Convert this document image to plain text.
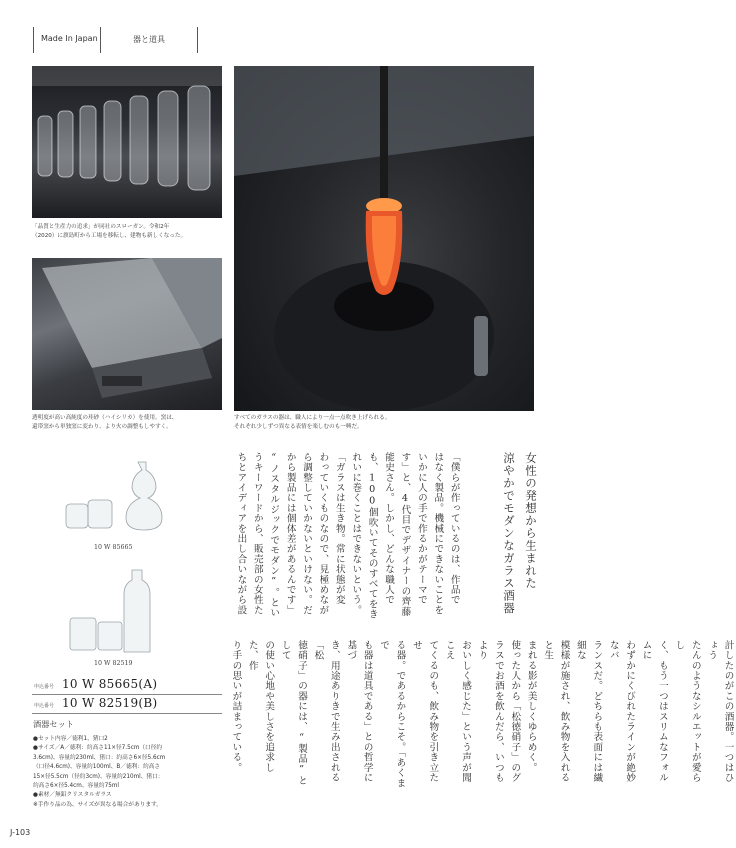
Made In Japan	器と道具
「品質と生産力の追求」が同社のスローガン。令和2年
（2020）に旗島町から工場を移転し、建物も新しくなった。
透明度が高い高純度の珪砂（ハイシリカ）を使用。窯は、
還帯窯から単独窯に変わり、より火の調整もしやすく。
すべてのガラスの器は、職人により一点一点吹き上げられる。
それぞれ少しずつ異なる表情を楽しむのも一興だ。
女性の発想から生まれた
涼やかでモダンなガラス酒器
「僕らが作っているのは、作品で
はなく製品。機械にできないことを
いかに人の手で作るかがテーマで
す」と、4代目でデザイナーの齊藤
能史さん。しかし、どんな職人で
も、100個吹いてそのすべてをき
れいに巻くことはできないという。
「ガラスは生き物。常に状態が変
わっていくものなので、見極めなが
ら調整していかないといけない。だ
から製品には個体差があるんです」
“ノスタルジックでモダン”。とい
うキーワードから、販売部の女性た
ちとアイディアを出し合いながら設
計したのがこの酒器。一つはひょう
たんのようなシルエットが愛らし
く、もう一つはスリムなフォルムに
わずかにくびれたラインが絶妙なバ
ランスだ。どちらも表面には繊細な
模様が施され、飲み物を入れると生
まれる影が美しくゆらめく。
使った人から「松徳硝子」のグ
ラスでお酒を飲んだら、いつもより
おいしく感じた」という声が聞こえ
てくるのも、飲み物を引き立たせ
る器。であるからこそ。「あくまで
も器は道具である」との哲学に基づ
き、用途ありきで生み出される「松
徳硝子」の器には、“製品”として
の使い心地や美しさを追求した、作
り手の思いが詰まっている。
10 W 85665
10 W 82519
申込番号 10 W 85665(A)
申込番号 10 W 82519(B)
酒器セット
●セット内容／徳利1、猪口2
●サイズ／A／徳利：約高さ11×径7.5cm（口径約
3.6cm)、容量約230ml、猪口：約高さ6×径5.6cm
（口径4.6cm)、容量約100ml、B／徳利：約高さ
15×径5.5cm（径約3cm)、容量約210ml、猪口：
約高さ6×径5.4cm、容量約75ml
●素材／無鉛クリスタルガラス
※手作り品の為、サイズが異なる場合があります。
J-103
